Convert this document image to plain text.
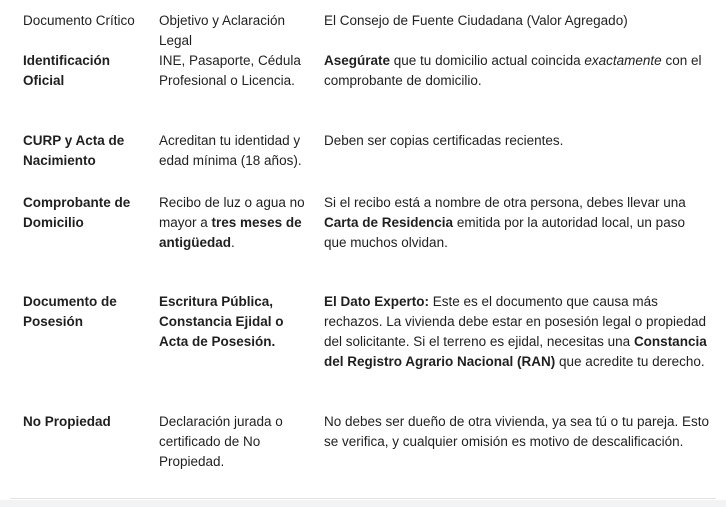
Documento Crítico	Objetivo y Aclaración Legal	El Consejo de Fuente Ciudadana (Valor Agregado)

Identificación Oficial	INE, Pasaporte, Cédula Profesional o Licencia.	Asegúrate que tu domicilio actual coincida exactamente con el comprobante de domicilio.

CURP y Acta de Nacimiento	Acreditan tu identidad y edad mínima (18 años).	Deben ser copias certificadas recientes.

Comprobante de Domicilio	Recibo de luz o agua no mayor a tres meses de antigüedad.	Si el recibo está a nombre de otra persona, debes llevar una Carta de Residencia emitida por la autoridad local, un paso que muchos olvidan.

Documento de Posesión	Escritura Pública, Constancia Ejidal o Acta de Posesión.	El Dato Experto: Este es el documento que causa más rechazos. La vivienda debe estar en posesión legal o propiedad del solicitante. Si el terreno es ejidal, necesitas una Constancia del Registro Agrario Nacional (RAN) que acredite tu derecho.

No Propiedad	Declaración jurada o certificado de No Propiedad.	No debes ser dueño de otra vivienda, ya sea tú o tu pareja. Esto se verifica, y cualquier omisión es motivo de descalificación.
